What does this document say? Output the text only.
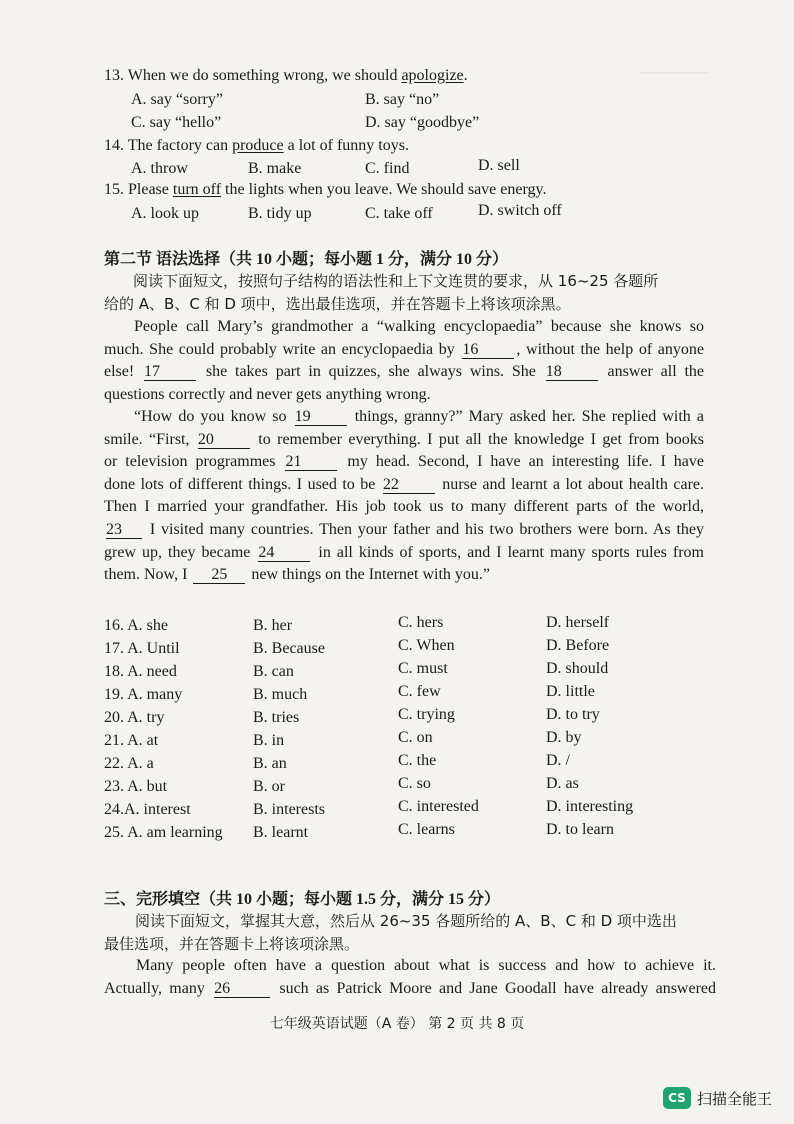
───────
13. When we do something wrong, we should apologize.
A. say “sorry”	B. say “no”
C. say “hello”	D. say “goodbye”
14. The factory can produce a lot of funny toys.
A. throw	B. make	C. find	D. sell
15. Please turn off the lights when you leave. We should save energy.
A. look up	B. tidy up	C. take off	D. switch off
第二节 语法选择（共 10 小题；每小题 1 分，满分 10 分）
阅读下面短文，按照句子结构的语法性和上下文连贯的要求，从 16~25 各题所
给的 A、B、C 和 D 项中，选出最佳选项，并在答题卡上将该项涂黑。
People call Mary’s grandmother a “walking encyclopaedia” because she knows so
much. She could probably write an encyclopaedia by 16 , without the help of anyone
else! 17 she takes part in quizzes, she always wins. She 18 answer all the
questions correctly and never gets anything wrong.
“How do you know so 19 things, granny?” Mary asked her. She replied with a
smile. “First, 20 to remember everything. I put all the knowledge I get from books
or television programmes 21 my head. Second, I have an interesting life. I have
done lots of different things. I used to be 22 nurse and learnt a lot about health care.
Then I married your grandfather. His job took us to many different parts of the world,
23 I visited many countries. Then your father and his two brothers were born. As they
grew up, they became 24 in all kinds of sports, and I learnt many sports rules from
them. Now, I 25 new things on the Internet with you.”
16. A. she	B. her	C. hers	D. herself
17. A. Until	B. Because	C. When	D. Before
18. A. need	B. can	C. must	D. should
19. A. many	B. much	C. few	D. little
20. A. try	B. tries	C. trying	D. to try
21. A. at	B. in	C. on	D. by
22. A. a	B. an	C. the	D. /
23. A. but	B. or	C. so	D. as
24.A. interest	B. interests	C. interested	D. interesting
25. A. am learning B. learnt	C. learns	D. to learn
三、完形填空（共 10 小题；每小题 1.5 分，满分 15 分）
阅读下面短文，掌握其大意，然后从 26~35 各题所给的 A、B、C 和 D 项中选出
最佳选项，并在答题卡上将该项涂黑。
Many people often have a question about what is success and how to achieve it.
Actually, many 26	such as Patrick Moore and Jane Goodall have already answered
七年级英语试题（A 卷） 第 2 页 共 8 页
CS 扫描全能王
